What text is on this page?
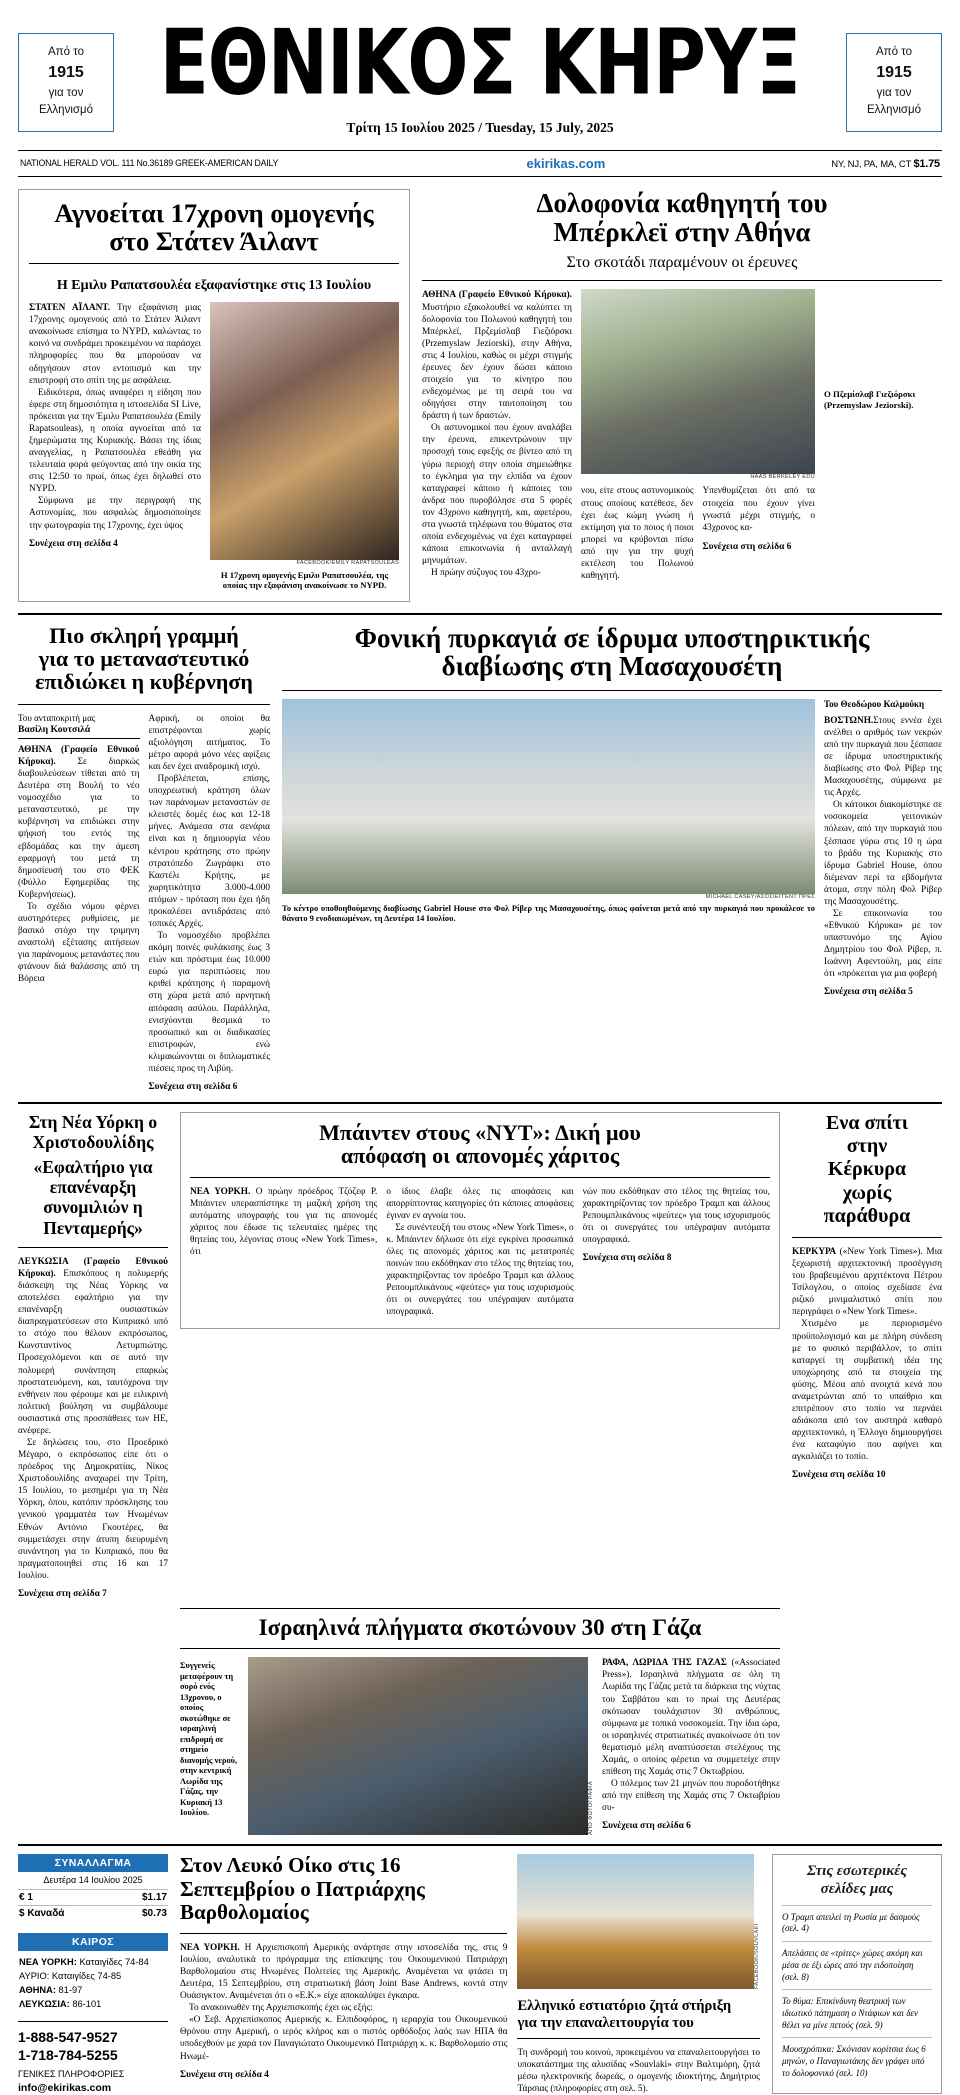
Από το
1915
για τον
Ελληνισμό ΕΘΝΙΚΟΣ ΚΗΡΥΞ
Τρίτη 15 Ιουλίου 2025 / Tuesday, 15 July, 2025
Από το
1915
για τον
Ελληνισμό
NATIONAL HERALD VOL. 111 No.36189 GREEK-AMERICAN DAILY	ekirikas.com	NY, NJ, PA, MA, CT $1.75
Αγνοείται 17χρονη ομογενής
στο Στάτεν Άιλαντ
Η Εμιλυ Ραπατσουλέα εξαφανίστηκε στις 13 Ιουλίου

ΣΤΑΤΕΝ ΑΪΛΑΝΤ. Την εξαφάνιση μιας 17χρονης ομογενούς από το Στάτεν Άιλαντ ανακοίνωσε επίσημα το NYPD, καλώντας το κοινό να συνδράμει προκειμένου να παράσχει πληροφορίες που θα μπορούσαν να οδηγήσουν στον εντοπισμό και την επιστροφή στο σπίτι της με ασφάλεια.

Ειδικότερα, όπως αναφέρει η είδηση που έφερε στη δημοσιότητα η ιστοσελίδα SI Live, πρόκειται για την Έμιλυ Ραπατσουλέα (Emily Rapatsouleas), η οποία αγνοείται από τα ξημερώματα της Κυριακής. Βάσει της ίδιας αναγγελίας, η Ραπατσουλέα εθεάθη για τελευταία φορά φεύγοντας από την οικία της στις 12:50 το πρωί, όπως έχει δηλωθεί στο NYPD.

Σύμφωνα με την περιγραφή της Αστυνομίας, που ασφαλώς δημοσιοποίησε την φωτογραφία της 17χρονης, έχει ύψος

Συνέχεια στη σελίδα 4
FACEBOOK/EMILY RAPATSOULEAS
Η 17χρονη ομογενής Εμιλυ Ραπατσουλέα, της οποίας την εξαφάνιση ανακοίνωσε το NYPD.
Δολοφονία καθηγητή του
Μπέρκλεϊ στην Αθήνα
Στο σκοτάδι παραμένουν οι έρευνες

ΑΘΗΝΑ (Γραφείο Εθνικού Κήρυκα). Μυστήριο εξακολουθεί να καλύπτει τη δολοφονία του Πολωνού καθηγητή του Μπέρκλεϊ, Πρζεμίσλαβ Γιεζιόρσκι (Przemyslaw Jeziorski), στην Αθήνα, στις 4 Ιουλίου, καθώς οι μέχρι στιγμής έρευνες δεν έχουν δώσει κάποιο στοιχείο για το κίνητρο που ενδεχομένως με τη σειρά του να οδηγήσει στην ταυτοποίηση του δράστη ή των δραστών.

Οι αστυνομικοί που έχουν αναλάβει την έρευνα, επικεντρώνουν την προσοχή τους εφεξής σε βίντεο από τη γύρω περιοχή στην οποία σημειώθηκε το έγκλημα για την ελπίδα να έχουν καταγραφεί κάποιο ή κάποιες του άνδρα που πυροβόλησε στα 5 φορές τον 43χρονο καθηγητή, και, αφετέρου, στα γνωστά τηλέφωνα του θύματος στα οποία ενδεχομένως να έχει καταγραφεί κάποια επικοινωνία ή ανταλλαγή μηνυμάτων.

Η πρώην σύζυγος του 43χρο-

HAAS BERKELEY EDU

νου, είτε στους αστυνομικούς στους οποίους κατέθεσε, δεν έχει έως κώμη γνώση ή εκτίμηση για το ποιος ή ποιοι μπορεί να κρύβονται πίσω από την για την ψυχή εκτέλεση του Πολωνού καθηγητή.

Υπενθυμίζεται ότι από τα στοιχεία που έχουν γίνει γνωστά μέχρι στιγμής, ο 43χρονος κα-

Συνέχεια στη σελίδα 6
Ο Πζεμίσλαβ Γιεζιόρσκι (Przemyslaw Jeziorski).
Πιο σκληρή γραμμή
για το μεταναστευτικό
επιδιώκει η κυβέρνηση
Του ανταποκριτή μας
Βασίλη Κουτσιλά

ΑΘΗΝΑ (Γραφείο Εθνικού Κήρυκα). Σε διαρκώς διαβουλεύσεων τίθεται από τη Δευτέρα στη Βουλή το νέο νομοσχέδιο για το μεταναστευτικό, με την κυβέρνηση να επιδιώκει στην ψήφισή του εντός της εβδομάδας και την άμεση εφαρμογή του μετά τη δημοσίευσή του στο ΦΕΚ (Φύλλο Εφημερίδας της Κυβερνήσεως).

Το σχέδιο νόμου φέρνει αυστηρότερες ρυθμίσεις, με βασικό στόχο την τριμηνη αναστολή εξέτασης αιτήσεων για παράνομους μετανάστες που φτάνουν διά θαλάσσης από τη Βόρεια

Αφρική, οι οποίοι θα επιστρέφονται χωρίς αξιολόγηση αιτήματος. Το μέτρο αφορά μόνο νέες αφίξεις και δεν έχει αναδρομική ισχύ.

Προβλέπεται, επίσης, υποχρεωτική κράτηση όλων των παράνομων μεταναστών σε κλειστές δομές έως και 12-18 μήνες. Ανάμεσα στα σενάρια είναι και η δημιουργία νέου κέντρου κράτησης στο πρώην στρατόπεδο Ζωγράφκι στο Καστέλι Κρήτης, με χωρητικότητα 3.000-4.000 ατόμων - πρόταση που έχει ήδη προκαλέσει αντιδράσεις από τοπικές Αρχές.

Το νομοσχέδιο προβλέπει ακόμη ποινές φυλάκισης έως 3 ετών και πρόστιμα έως 10.000 ευρώ για περιπτώσεις που κριθεί κράτησης ή παραμονή στη χώρα μετά από αρνητική απόφαση ασύλου. Παράλληλα, ενισχύονται θεσμικά το προσωπικό και οι διαδικασίες επιστροφών, ενώ κλιμακώνονται οι διπλωματικές πιέσεις προς τη Λιβύη.

Συνέχεια στη σελίδα 6
Φονική πυρκαγιά σε ίδρυμα υποστηρικτικής
διαβίωσης στη Μασαχουσέτη
MICHAEL CASEY/ΑΣΟΣΙΕΪΤΈΝΤ ΠΡΕΣ
Το κέντρο υποθοηθούμενης διαβίωσης Gabriel House στο Φολ Ρίβερ της Μασαχουσέτης, όπως φαίνεται μετά από την πυρκαγιά που προκάλεσε το θάνατο 9 ενοδιαιωμένων, τη Δευτέρα 14 Ιουλίου.
Του Θεοδώρου Καλμούκη

ΒΟΣΤΩΝΗ.Στους εννέα έχει ανέλθει ο αριθμός των νεκρών από την πυρκαγιά που ξέσπασε σε ίδρυμα υποστηρικτικής διαβίωσης στο Φολ Ρίβερ της Μασαχουσέτης, σύμφωνα με τις Αρχές.

Οι κάτοικοι διακομίστηκε σε νοσοκομεία γειτονικών πόλεων, από την πυρκαγιά που ξέσπασε γύρω στις 10 η ώρα το βράδυ της Κυριακής στο ίδρυμα Gabriel House, όπου διέμεναν περί τα εβδομήντα άτομα, στην πόλη Φολ Ρίβερ της Μασαχουσέτης.

Σε επικοινωνία του «Εθνικού Κήρυκα» με τον υπαστυνόμο της Αγίου Δημητρίου του Φολ Ρίβερ, π. Ιωάννη Αφεντούλη, μας είπε ότι «πρόκειται για μια φοβερή

Συνέχεια στη σελίδα 5
Στη Νέα Υόρκη ο
Χριστοδουλίδης
«Εφαλτήριο για
επανέναρξη
συνομιλιών η
Πενταμερής»

ΛΕΥΚΩΣΙΑ (Γραφείο Εθνικού Κήρυκα). Επισκόπους η πολυμερής διάσκεψη της Νέας Υόρκης να αποτελέσει εφαλτήριο για την επανέναρξη ουσιαστικών διαπραγματεύσεων στο Κυπριακό υπό το στόχο που θέλουν εκπρόσωπος, Κωνσταντίνος Λετυμπιώτης. Προσεχολόμενοι και σε αυτό την πολυμερή συνάντηση επαρκώς προστατευόμενη, και, ταυτόχρονα την ενθήνειν που φέρουμε και με ειλικρινή πολιτική βούληση να συμβάλουμε ουσιαστικά στις προσπάθειες των ΗΕ, ανέφερε.

Σε δηλώσεις του, στο Προεδρικό Μέγαρο, ο εκπρόσωπος είπε ότι ο πρόεδρος της Δημοκρατίας, Νίκος Χριστοδουλίδης αναχωρεί την Τρίτη, 15 Ιουλίου, το μεσημέρι για τη Νέα Υόρκη, όπου, κατόπιν πρόσκλησης του γενικού γραμματέα των Ηνωμένων Εθνών Αντόνιο Γκουτέρες, θα συμμετάσχει στην άτυπη διευρυμένη συνάντηση για το Κυπριακό, που θα πραγματοποιηθεί στις 16 και 17 Ιουλίου.

Συνέχεια στη σελίδα 7
Μπάιντεν στους «ΝΥΤ»: Δική μου
απόφαση οι απονομές χάριτος

ΝΕΑ ΥΟΡΚΗ. Ο πρώην πρόεδρος Τζόζεφ Ρ. Μπάιντεν υπερασπίστηκε τη μαζική χρήση της αυτόματης υπογραφής του για τις απονομές χάριτος που έδωσε τις τελευταίες ημέρες της θητείας του, λέγοντας στους «New York Times», ότι

ο ίδιος έλαβε όλες τις αποφάσεις και απορρίπτοντας κατηγορίες ότι κάποιες αποφάσεις έγιναν εν αγνοία του.

Σε συνέντευξή του στους «New York Times», ο κ. Μπάιντεν δήλωσε ότι είχε εγκρίνει προσωπικά όλες τις απονομές χάριτος και τις μετατροπές ποινών που εκδόθηκαν στο τέλος της θητείας του, χαρακτηρίζοντας τον πρόεδρο Τραμπ και άλλους Ρεπουμπλικάνους «ψεύτες» για τους ισχυρισμούς ότι οι συνεργάτες του υπέγραψαν αυτόματα υπογραφικά.

νών που εκδόθηκαν στο τέλος της θητείας του, χαρακτηρίζοντας τον πρόεδρο Τραμπ και άλλους Ρεπουμπλικάνους «ψεύτες» για τους ισχυρισμούς ότι οι συνεργάτες του υπέγραψαν αυτόματα υπογραφικά.

Συνέχεια στη σελίδα 8
Ενα σπίτι
στην
Κέρκυρα
χωρίς
παράθυρα

ΚΕΡΚΥΡΑ («New York Times»). Μια ξεχωριστή αρχιτεκτονική προσέγγιση του βραβευμένου αρχιτέκτονα Πέτρου Τσίλογλου, ο οποίος σχεδίασε ένα ριζικό μινιμαλιστικό σπίτι που περιγράφει ο «New York Times».

Χτισμένο με περιορισμένο προϋπολογισμό και με πλήρη σύνδεση με το φυσικό περιβάλλον, το σπίτι καταργεί τη συμβατική ιδέα της υποχώρησης από τα στοιχεία της φύσης. Μέσα από ανοιχτά κενά που αναμετρώνται από το υπαίθριο και επιτρέπουν στο τοπίο να περνάει αδιάκοπα από τον αυστηρά καθαρό αρχιτεκτονικό, η Έλλογο δημιουργήσει ένα καταφύγιο που αφήνει και αγκαλιάζει το τοπίο.

Συνέχεια στη σελίδα 10
Ισραηλινά πλήγματα σκοτώνουν 30 στη Γάζα
Συγγενείς μεταφέρουν τη σορό ενός 13χρονου, ο οποίος σκοτώθηκε σε ισραηλινή επιδρομή σε στημείο διανομής νερού, στην κεντρική Λωρίδα της Γάζας, την Κυριακή 13 Ιουλίου.	ΑΠΟ ΦΩΤΟΓΡΑΦΙΑ

ΡΑΦΑ, ΛΩΡΙΔΑ ΤΗΣ ΓΑΖΑΣ («Associated Press»). Ισραηλινά πλήγματα σε όλη τη Λωρίδα της Γάζας μετά τα διάρκεια της νύχτας του Σαββάτου και το πρωί της Δευτέρας σκότωσαν τουλάχιστον 30 ανθρώπους, σύμφωνα με τοπικά νοσοκομεία. Την ίδια ώρα, οι ισραηλινές στρατιωτικές ανακοίνωσε ότι τον θεματισμό μέλη αναπτύσσεται στελέχους της Χαμάς, ο οποίος φέρεται να συμμετείχε στην επίθεση της Χαμάς στις 7 Οκτωβρίου.

Ο πόλεμος των 21 μηνών που πυροδοτήθηκε από την επίθεση της Χαμάς στις 7 Οκτωβρίου συ-

Συνέχεια στη σελίδα 6
ΣΥΝΑΛΛΑΓΜΑ
Δευτέρα 14 Ιουλίου 2025
€ 1	$1.17
$ Καναδά	$0.73
ΚΑΙΡΟΣ
ΝΕΑ ΥΟΡΚΗ: Καταιγίδες 74-84
ΑΥΡΙΟ: Καταιγίδες 74-85
ΑΘΗΝΑ: 81-97
ΛΕΥΚΩΣΙΑ: 86-101
1-888-547-9527
1-718-784-5255
ΓΕΝΙΚΕΣ ΠΛΗΡΟΦΟΡΙΕΣ
info@ekirikas.com
Στον Λευκό Οίκο στις 16
Σεπτεμβρίου ο Πατριάρχης
Βαρθολομαίος

ΝΕΑ ΥΟΡΚΗ. Η Αρχιεπισκοπή Αμερικής ανάρτησε στην ιστοσελίδα της, στις 9 Ιουλίου, αναλυτικά το πρόγραμμα της επίσκεψης του Οικουμενικού Πατριάρχη Βαρθολομαίου στις Ηνωμένες Πολιτείες της Αμερικής. Αναμένεται να φτάσει τη Δευτέρα, 15 Σεπτεμβρίου, στη στρατιωτική βάση Joint Base Andrews, κοντά στην Ουάσιγκτον. Αναμένεται ότι ο «Ε.Κ.» είχε αποκαλύψει έγκαιρα.

Το ανακοινωθέν της Αρχιεπισκοπής έχει ως εξής:

«Ο Σεβ. Αρχιεπίσκοπος Αμερικής κ. Ελπιδοφόρος, η ιεραρχία του Οικουμενικού Θρόνου στην Αμερική, ο ιερός κλήρος και ο πιστός ορθόδοξος λαός των ΗΠΑ θα υποδεχθούν με χαρά τον Παναγιώτατο Οικουμενικό Πατριάρχη κ. κ. Βαρθολομαίο στις Ηνωμέ-

Συνέχεια στη σελίδα 4
FACEBOOK/SOUVLAKI
Ελληνικό εστιατόριο ζητά στήριξη
για την επαναλειτουργία του

Τη συνδρομή του κοινού, προκειμένου να επαναλειτουργήσει το υποκατάστημα της αλυσίδας «Souvlaki» στην Βαλτιμόρη, ζητά μέσω ηλεκτρονικής δωρεάς, ο ομογενής ιδιοκτήτης, Δημήτριος Τάρσιας (πληροφορίες στη σελ. 5).

Στις εσωτερικές
σελίδες μας
Ο Τραμπ απειλεί τη Ρωσία με δασμούς (σελ. 4)
Απελάσεις σε «τρίτες» χώρες ακόμη και μέσα σε έξι ώρες από την ειδοποίηση (σελ. 8)
Το θύμα: Επικίνδυνη θεατρική των ιδιωτικό πάτημαση ο Ντάφιων και δεν θέλει να μίνε πετούς (σελ. 9)
Μουσχρόπικα: Σκόνισαν κορίτσια έως 6 μηνών, ο Παναγιωτάκης δεν γράφει υπό το δολοφονικό (σελ. 10)
